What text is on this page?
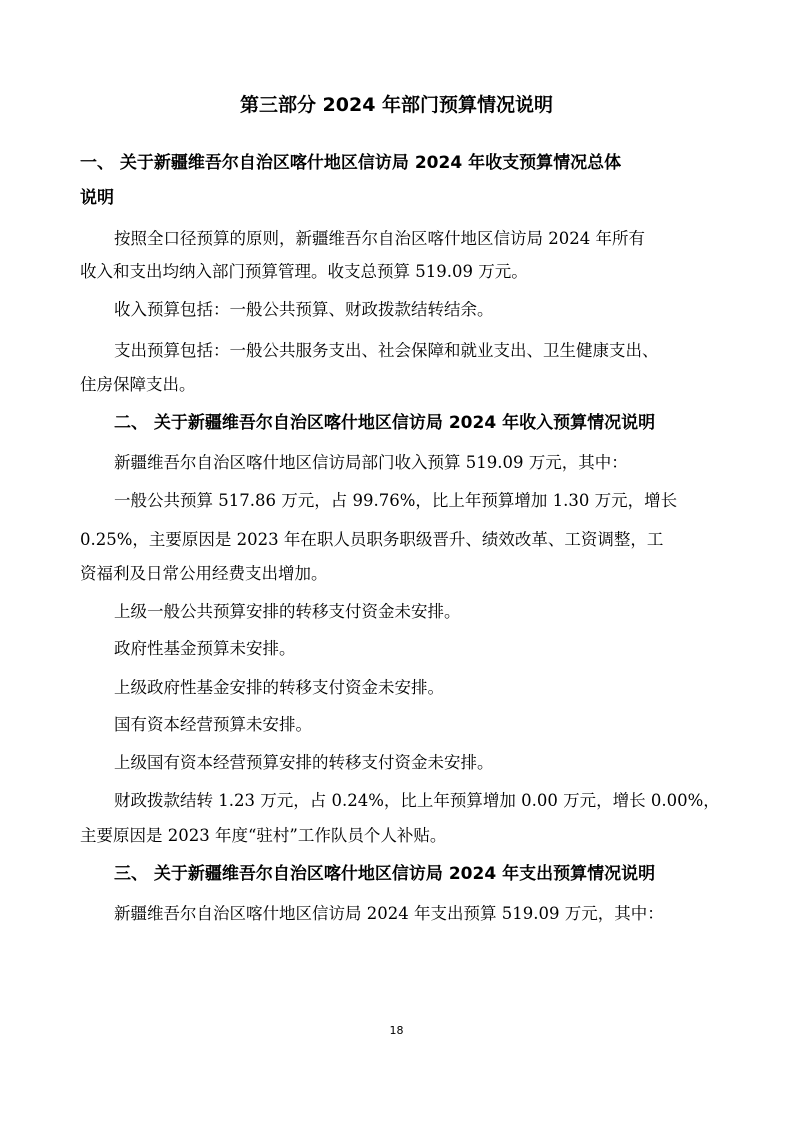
第三部分 2024 年部门预算情况说明
一、 关于新疆维吾尔自治区喀什地区信访局 2024 年收支预算情况总体
说明
按照全口径预算的原则，新疆维吾尔自治区喀什地区信访局 2024 年所有
收入和支出均纳入部门预算管理。收支总预算 519.09 万元。
收入预算包括：一般公共预算、财政拨款结转结余。
支出预算包括：一般公共服务支出、社会保障和就业支出、卫生健康支出、
住房保障支出。
二、 关于新疆维吾尔自治区喀什地区信访局 2024 年收入预算情况说明
新疆维吾尔自治区喀什地区信访局部门收入预算 519.09 万元，其中：
一般公共预算 517.86 万元，占 99.76%，比上年预算增加 1.30 万元，增长
0.25%，主要原因是 2023 年在职人员职务职级晋升、绩效改革、工资调整，工
资福利及日常公用经费支出增加。
上级一般公共预算安排的转移支付资金未安排。
政府性基金预算未安排。
上级政府性基金安排的转移支付资金未安排。
国有资本经营预算未安排。
上级国有资本经营预算安排的转移支付资金未安排。
财政拨款结转 1.23 万元，占 0.24%，比上年预算增加 0.00 万元，增长 0.00%，
主要原因是 2023 年度“驻村”工作队员个人补贴。
三、 关于新疆维吾尔自治区喀什地区信访局 2024 年支出预算情况说明
新疆维吾尔自治区喀什地区信访局 2024 年支出预算 519.09 万元，其中：
18
